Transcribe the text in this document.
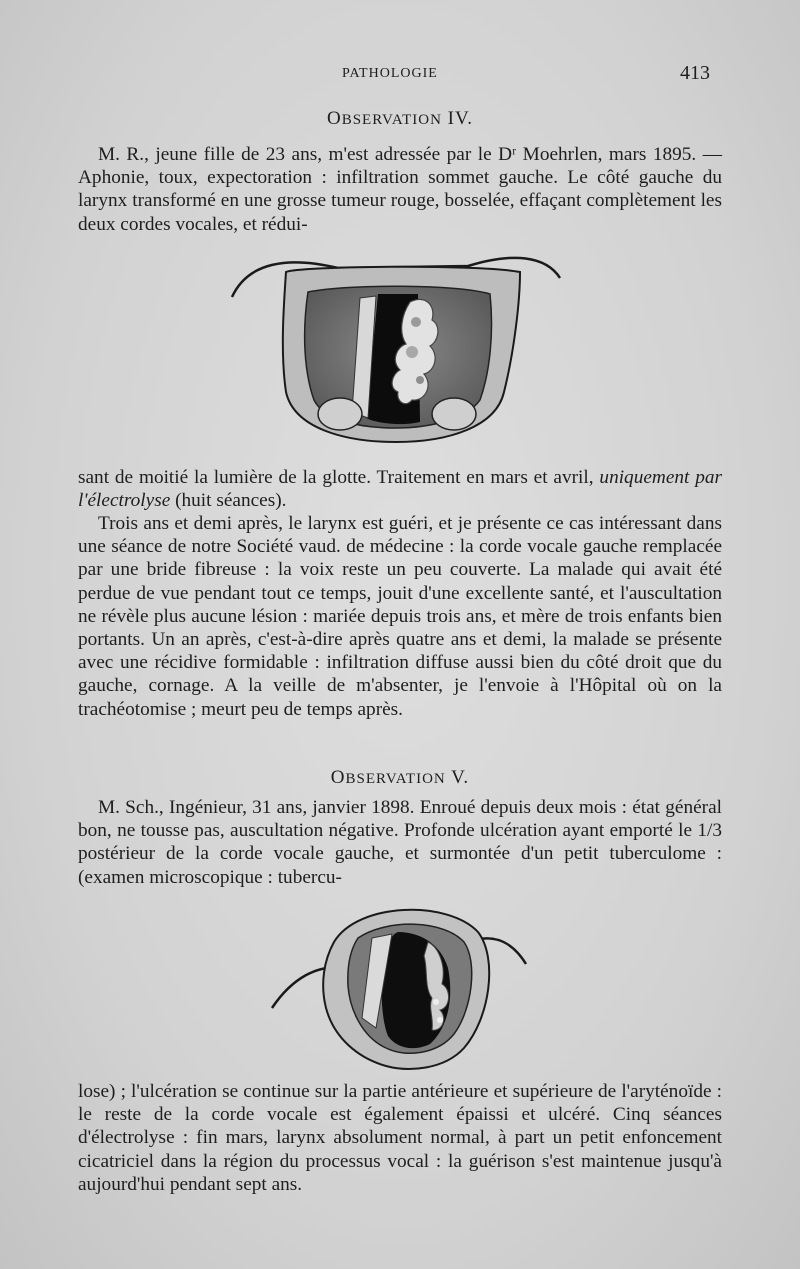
PATHOLOGIE	413
OBSERVATION IV.

M. R., jeune fille de 23 ans, m'est adressée par le Dʳ Moehrlen, mars 1895. — Aphonie, toux, expectoration : infiltration sommet gauche. Le côté gauche du larynx transformé en une grosse tumeur rouge, bosselée, effaçant complètement les deux cordes vocales, et rédui-

sant de moitié la lumière de la glotte. Traitement en mars et avril, uniquement par l'électrolyse (huit séances).

Trois ans et demi après, le larynx est guéri, et je présente ce cas intéressant dans une séance de notre Société vaud. de médecine : la corde vocale gauche remplacée par une bride fibreuse : la voix reste un peu couverte. La malade qui avait été perdue de vue pendant tout ce temps, jouit d'une excellente santé, et l'auscultation ne révèle plus aucune lésion : mariée depuis trois ans, et mère de trois enfants bien portants. Un an après, c'est-à-dire après quatre ans et demi, la malade se présente avec une récidive formidable : infiltration diffuse aussi bien du côté droit que du gauche, cornage. A la veille de m'absenter, je l'envoie à l'Hôpital où on la trachéotomise ; meurt peu de temps après.

OBSERVATION V.

M. Sch., Ingénieur, 31 ans, janvier 1898. Enroué depuis deux mois : état général bon, ne tousse pas, auscultation négative. Profonde ulcération ayant emporté le 1/3 postérieur de la corde vocale gauche, et surmontée d'un petit tuberculome : (examen microscopique : tubercu-

lose) ; l'ulcération se continue sur la partie antérieure et supérieure de l'aryténoïde : le reste de la corde vocale est également épaissi et ulcéré. Cinq séances d'électrolyse : fin mars, larynx absolument normal, à part un petit enfoncement cicatriciel dans la région du processus vocal : la guérison s'est maintenue jusqu'à aujourd'hui pendant sept ans.
